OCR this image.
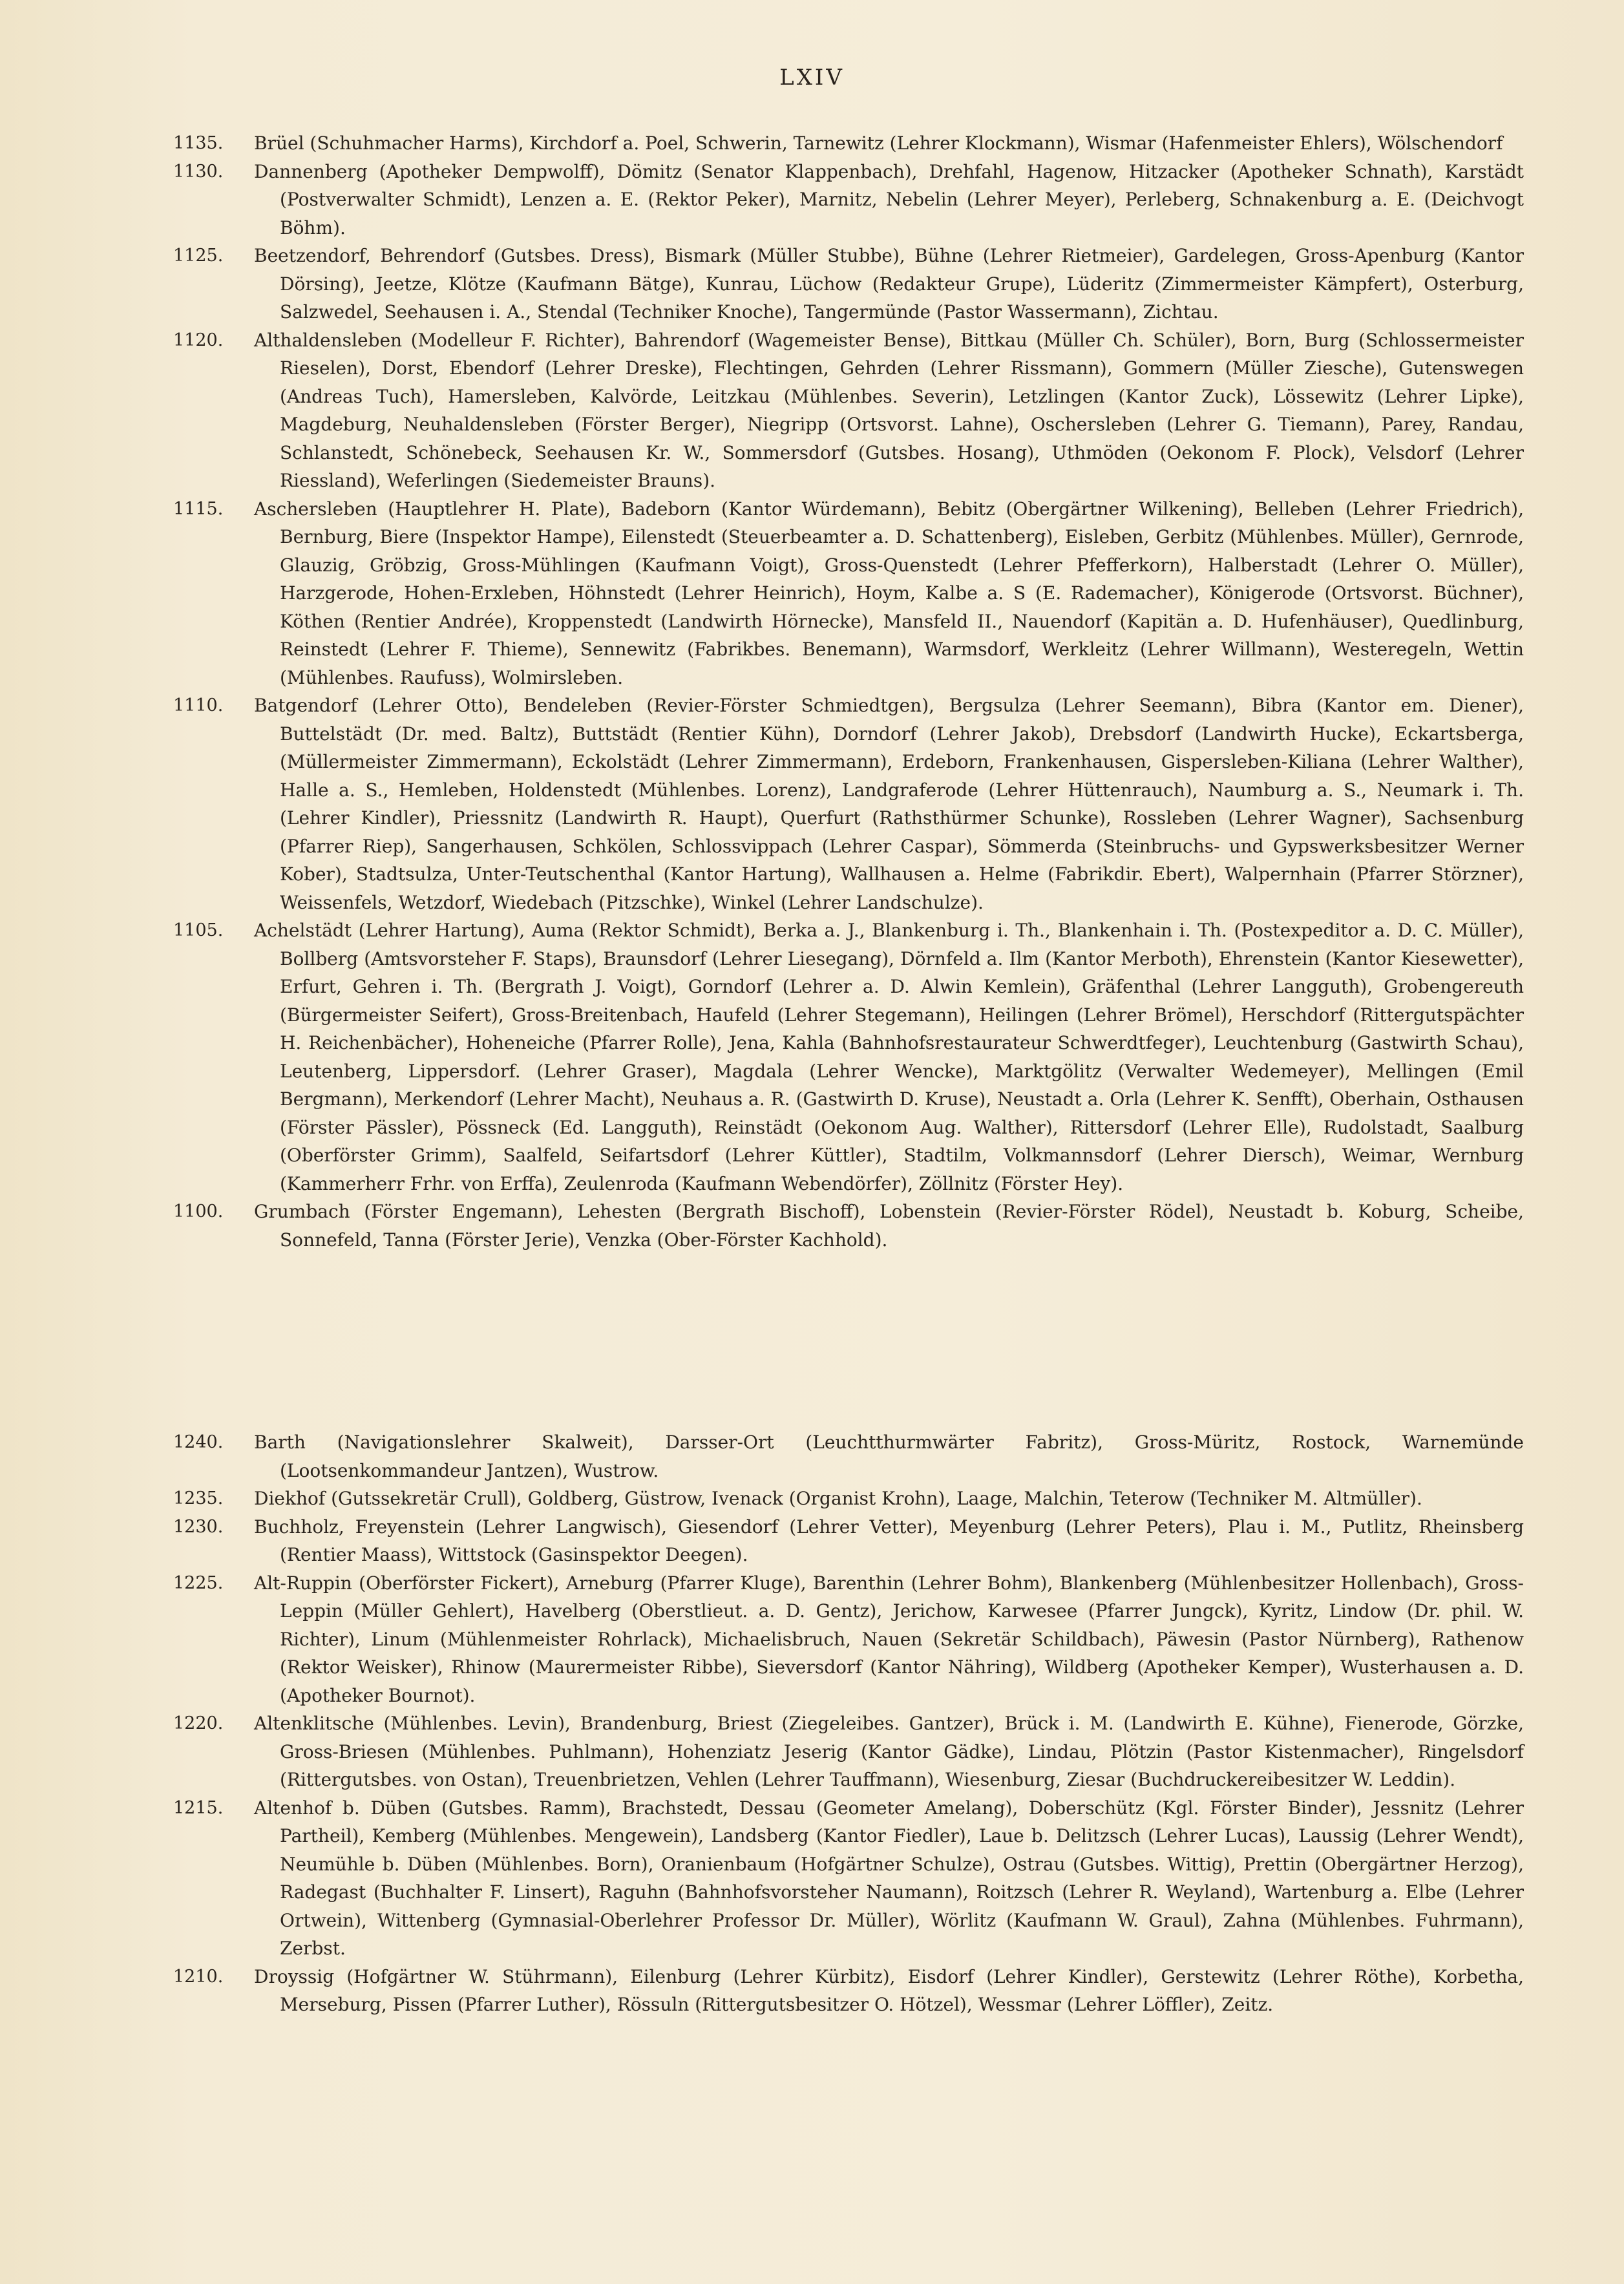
LXIV
1135.	Brüel (Schuhmacher Harms), Kirchdorf a. Poel, Schwerin, Tarnewitz (Lehrer Klockmann), Wismar (Hafenmeister Ehlers), Wölschendorf
1130.	Dannenberg (Apotheker Dempwolff), Dömitz (Senator Klappenbach), Drehfahl, Hagenow, Hitzacker (Apotheker Schnath), Karstädt (Postverwalter Schmidt), Lenzen a. E. (Rektor Peker), Marnitz, Nebelin (Lehrer Meyer), Perleberg, Schnakenburg a. E. (Deichvogt Böhm).
1125.	Beetzendorf, Behrendorf (Gutsbes. Dress), Bismark (Müller Stubbe), Bühne (Lehrer Rietmeier), Gardelegen, Gross-Apenburg (Kantor Dörsing), Jeetze, Klötze (Kaufmann Bätge), Kunrau, Lüchow (Redakteur Grupe), Lüderitz (Zimmermeister Kämpfert), Osterburg, Salzwedel, Seehausen i. A., Stendal (Techniker Knoche), Tangermünde (Pastor Wassermann), Zichtau.
1120.	Althaldensleben (Modelleur F. Richter), Bahrendorf (Wagemeister Bense), Bittkau (Müller Ch. Schüler), Born, Burg (Schlossermeister Rieselen), Dorst, Ebendorf (Lehrer Dreske), Flechtingen, Gehrden (Lehrer Rissmann), Gommern (Müller Ziesche), Gutenswegen (Andreas Tuch), Hamersleben, Kalvörde, Leitzkau (Mühlenbes. Severin), Letzlingen (Kantor Zuck), Lössewitz (Lehrer Lipke), Magdeburg, Neuhaldensleben (Förster Berger), Niegripp (Ortsvorst. Lahne), Oschersleben (Lehrer G. Tiemann), Parey, Randau, Schlanstedt, Schönebeck, Seehausen Kr. W., Sommersdorf (Gutsbes. Hosang), Uthmöden (Oekonom F. Plock), Velsdorf (Lehrer Riessland), Weferlingen (Siedemeister Brauns).
1115.	Aschersleben (Hauptlehrer H. Plate), Badeborn (Kantor Würdemann), Bebitz (Obergärtner Wilkening), Belleben (Lehrer Friedrich), Bernburg, Biere (Inspektor Hampe), Eilenstedt (Steuerbeamter a. D. Schattenberg), Eisleben, Gerbitz (Mühlenbes. Müller), Gernrode, Glauzig, Gröbzig, Gross-Mühlingen (Kaufmann Voigt), Gross-Quenstedt (Lehrer Pfefferkorn), Halberstadt (Lehrer O. Müller), Harzgerode, Hohen-Erxleben, Höhnstedt (Lehrer Heinrich), Hoym, Kalbe a. S (E. Rademacher), Königerode (Ortsvorst. Büchner), Köthen (Rentier Andrée), Kroppenstedt (Landwirth Hörnecke), Mansfeld II., Nauendorf (Kapitän a. D. Hufenhäuser), Quedlinburg, Reinstedt (Lehrer F. Thieme), Sennewitz (Fabrikbes. Benemann), Warmsdorf, Werkleitz (Lehrer Willmann), Westeregeln, Wettin (Mühlenbes. Raufuss), Wolmirsleben.
1110.	Batgendorf (Lehrer Otto), Bendeleben (Revier-Förster Schmiedtgen), Bergsulza (Lehrer Seemann), Bibra (Kantor em. Diener), Buttelstädt (Dr. med. Baltz), Buttstädt (Rentier Kühn), Dorndorf (Lehrer Jakob), Drebsdorf (Landwirth Hucke), Eckartsberga, (Müllermeister Zimmermann), Eckolstädt (Lehrer Zimmermann), Erdeborn, Frankenhausen, Gispersleben-Kiliana (Lehrer Walther), Halle a. S., Hemleben, Holdenstedt (Mühlenbes. Lorenz), Landgraferode (Lehrer Hüttenrauch), Naumburg a. S., Neumark i. Th. (Lehrer Kindler), Priessnitz (Landwirth R. Haupt), Querfurt (Rathsthürmer Schunke), Rossleben (Lehrer Wagner), Sachsenburg (Pfarrer Riep), Sangerhausen, Schkölen, Schlossvippach (Lehrer Caspar), Sömmerda (Steinbruchs- und Gypswerksbesitzer Werner Kober), Stadtsulza, Unter-Teutschenthal (Kantor Hartung), Wallhausen a. Helme (Fabrikdir. Ebert), Walpernhain (Pfarrer Störzner), Weissenfels, Wetzdorf, Wiedebach (Pitzschke), Winkel (Lehrer Landschulze).
1105.	Achelstädt (Lehrer Hartung), Auma (Rektor Schmidt), Berka a. J., Blankenburg i. Th., Blankenhain i. Th. (Postexpeditor a. D. C. Müller), Bollberg (Amtsvorsteher F. Staps), Braunsdorf (Lehrer Liesegang), Dörnfeld a. Ilm (Kantor Merboth), Ehrenstein (Kantor Kiesewetter), Erfurt, Gehren i. Th. (Bergrath J. Voigt), Gorndorf (Lehrer a. D. Alwin Kemlein), Gräfenthal (Lehrer Langguth), Grobengereuth (Bürgermeister Seifert), Gross-Breitenbach, Haufeld (Lehrer Stegemann), Heilingen (Lehrer Brömel), Herschdorf (Rittergutspächter H. Reichenbächer), Hoheneiche (Pfarrer Rolle), Jena, Kahla (Bahnhofsrestaurateur Schwerdtfeger), Leuchtenburg (Gastwirth Schau), Leutenberg, Lippersdorf. (Lehrer Graser), Magdala (Lehrer Wencke), Marktgölitz (Verwalter Wedemeyer), Mellingen (Emil Bergmann), Merkendorf (Lehrer Macht), Neuhaus a. R. (Gastwirth D. Kruse), Neustadt a. Orla (Lehrer K. Senfft), Oberhain, Osthausen (Förster Pässler), Pössneck (Ed. Langguth), Reinstädt (Oekonom Aug. Walther), Rittersdorf (Lehrer Elle), Rudolstadt, Saalburg (Oberförster Grimm), Saalfeld, Seifartsdorf (Lehrer Küttler), Stadtilm, Volkmannsdorf (Lehrer Diersch), Weimar, Wernburg (Kammerherr Frhr. von Erffa), Zeulenroda (Kaufmann Webendörfer), Zöllnitz (Förster Hey).
1100.	Grumbach (Förster Engemann), Lehesten (Bergrath Bischoff), Lobenstein (Revier-Förster Rödel), Neustadt b. Koburg, Scheibe, Sonnefeld, Tanna (Förster Jerie), Venzka (Ober-Förster Kachhold).
1240.	Barth (Navigationslehrer Skalweit), Darsser-Ort (Leuchtthurmwärter Fabritz), Gross-Müritz, Rostock, Warnemünde (Lootsenkommandeur Jantzen), Wustrow.
1235.	Diekhof (Gutssekretär Crull), Goldberg, Güstrow, Ivenack (Organist Krohn), Laage, Malchin, Teterow (Techniker M. Altmüller).
1230.	Buchholz, Freyenstein (Lehrer Langwisch), Giesendorf (Lehrer Vetter), Meyenburg (Lehrer Peters), Plau i. M., Putlitz, Rheinsberg (Rentier Maass), Wittstock (Gasinspektor Deegen).
1225.	Alt-Ruppin (Oberförster Fickert), Arneburg (Pfarrer Kluge), Barenthin (Lehrer Bohm), Blankenberg (Mühlenbesitzer Hollenbach), Gross-Leppin (Müller Gehlert), Havelberg (Oberstlieut. a. D. Gentz), Jerichow, Karwesee (Pfarrer Jungck), Kyritz, Lindow (Dr. phil. W. Richter), Linum (Mühlenmeister Rohrlack), Michaelisbruch, Nauen (Sekretär Schildbach), Päwesin (Pastor Nürnberg), Rathenow (Rektor Weisker), Rhinow (Maurermeister Ribbe), Sieversdorf (Kantor Nähring), Wildberg (Apotheker Kemper), Wusterhausen a. D. (Apotheker Bournot).
1220.	Altenklitsche (Mühlenbes. Levin), Brandenburg, Briest (Ziegeleibes. Gantzer), Brück i. M. (Landwirth E. Kühne), Fienerode, Görzke, Gross-Briesen (Mühlenbes. Puhlmann), Hohenziatz Jeserig (Kantor Gädke), Lindau, Plötzin (Pastor Kistenmacher), Ringelsdorf (Rittergutsbes. von Ostan), Treuenbrietzen, Vehlen (Lehrer Tauffmann), Wiesenburg, Ziesar (Buchdruckereibesitzer W. Leddin).
1215.	Altenhof b. Düben (Gutsbes. Ramm), Brachstedt, Dessau (Geometer Amelang), Doberschütz (Kgl. Förster Binder), Jessnitz (Lehrer Partheil), Kemberg (Mühlenbes. Mengewein), Landsberg (Kantor Fiedler), Laue b. Delitzsch (Lehrer Lucas), Laussig (Lehrer Wendt), Neumühle b. Düben (Mühlenbes. Born), Oranienbaum (Hofgärtner Schulze), Ostrau (Gutsbes. Wittig), Prettin (Obergärtner Herzog), Radegast (Buchhalter F. Linsert), Raguhn (Bahnhofsvorsteher Naumann), Roitzsch (Lehrer R. Weyland), Wartenburg a. Elbe (Lehrer Ortwein), Wittenberg (Gymnasial-Oberlehrer Professor Dr. Müller), Wörlitz (Kaufmann W. Graul), Zahna (Mühlenbes. Fuhrmann), Zerbst.
1210.	Droyssig (Hofgärtner W. Stührmann), Eilenburg (Lehrer Kürbitz), Eisdorf (Lehrer Kindler), Gerstewitz (Lehrer Röthe), Korbetha, Merseburg, Pissen (Pfarrer Luther), Rössuln (Rittergutsbesitzer O. Hötzel), Wessmar (Lehrer Löffler), Zeitz.
